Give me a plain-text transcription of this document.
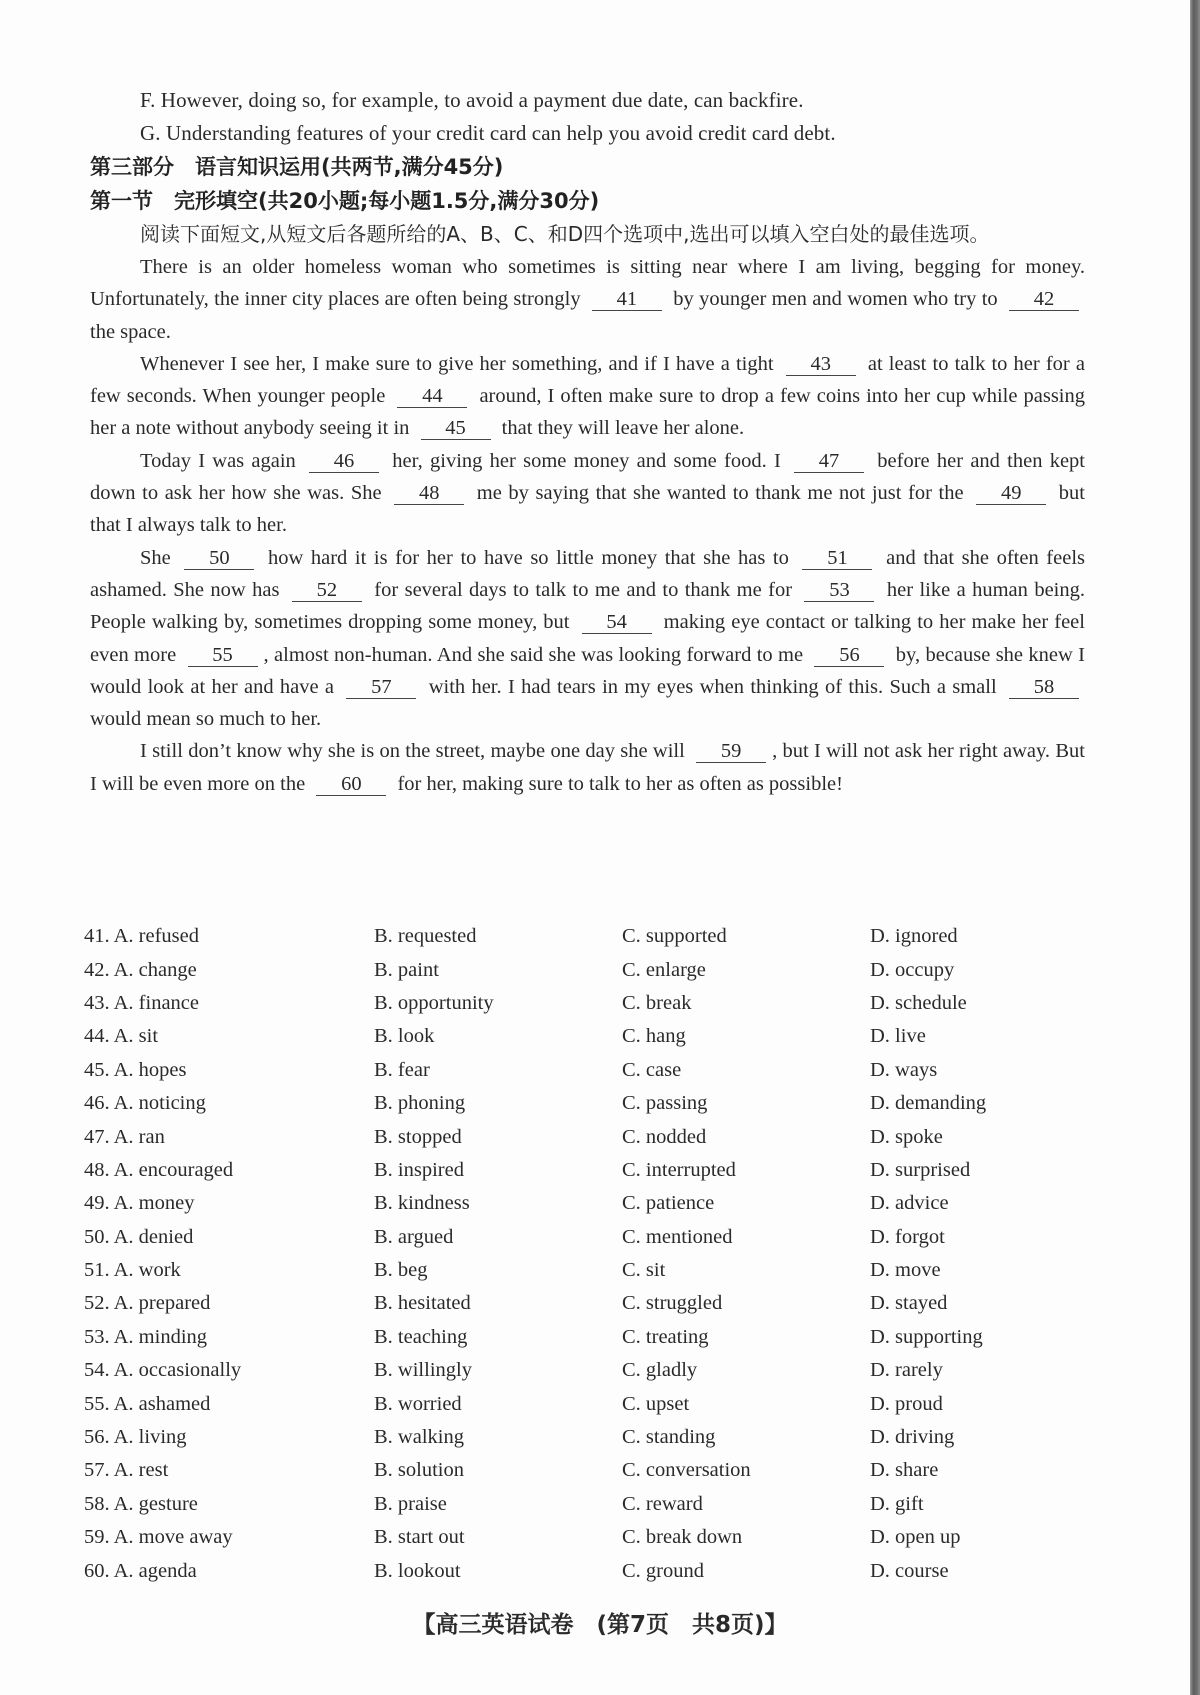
F. However, doing so, for example, to avoid a payment due date, can backfire.
G. Understanding features of your credit card can help you avoid credit card debt.
第三部分　语言知识运用(共两节,满分45分)
第一节　完形填空(共20小题;每小题1.5分,满分30分)
阅读下面短文,从短文后各题所给的A、B、C、和D四个选项中,选出可以填入空白处的最佳选项。

There is an older homeless woman who sometimes is sitting near where I am living, begging for money. Unfortunately, the inner city places are often being strongly 41 by younger men and women who try to 42 the space.

Whenever I see her, I make sure to give her something, and if I have a tight 43 at least to talk to her for a few seconds. When younger people 44 around, I often make sure to drop a few coins into her cup while passing her a note without anybody seeing it in 45 that they will leave her alone.

Today I was again 46 her, giving her some money and some food. I 47 before her and then kept down to ask her how she was. She 48 me by saying that she wanted to thank me not just for the 49 but that I always talk to her.

She 50 how hard it is for her to have so little money that she has to 51 and that she often feels ashamed. She now has 52 for several days to talk to me and to thank me for 53 her like a human being. People walking by, sometimes dropping some money, but 54 making eye contact or talking to her make her feel even more 55 , almost non-human. And she said she was looking forward to me 56 by, because she knew I would look at her and have a 57 with her. I had tears in my eyes when thinking of this. Such a small 58 would mean so much to her.

I still don’t know why she is on the street, maybe one day she will 59 , but I will not ask her right away. But I will be even more on the 60 for her, making sure to talk to her as often as possible!

41. A. refused	B. requested	C. supported	D. ignored
42. A. change	B. paint	C. enlarge	D. occupy
43. A. finance	B. opportunity	C. break	D. schedule
44. A. sit	B. look	C. hang	D. live
45. A. hopes	B. fear	C. case	D. ways
46. A. noticing	B. phoning	C. passing	D. demanding
47. A. ran	B. stopped	C. nodded	D. spoke
48. A. encouraged	B. inspired	C. interrupted	D. surprised
49. A. money	B. kindness	C. patience	D. advice
50. A. denied	B. argued	C. mentioned	D. forgot
51. A. work	B. beg	C. sit	D. move
52. A. prepared	B. hesitated	C. struggled	D. stayed
53. A. minding	B. teaching	C. treating	D. supporting
54. A. occasionally	B. willingly	C. gladly	D. rarely
55. A. ashamed	B. worried	C. upset	D. proud
56. A. living	B. walking	C. standing	D. driving
57. A. rest	B. solution	C. conversation	D. share
58. A. gesture	B. praise	C. reward	D. gift
59. A. move away	B. start out	C. break down	D. open up
60. A. agenda	B. lookout	C. ground	D. course
【高三英语试卷　(第7页　共8页)】
